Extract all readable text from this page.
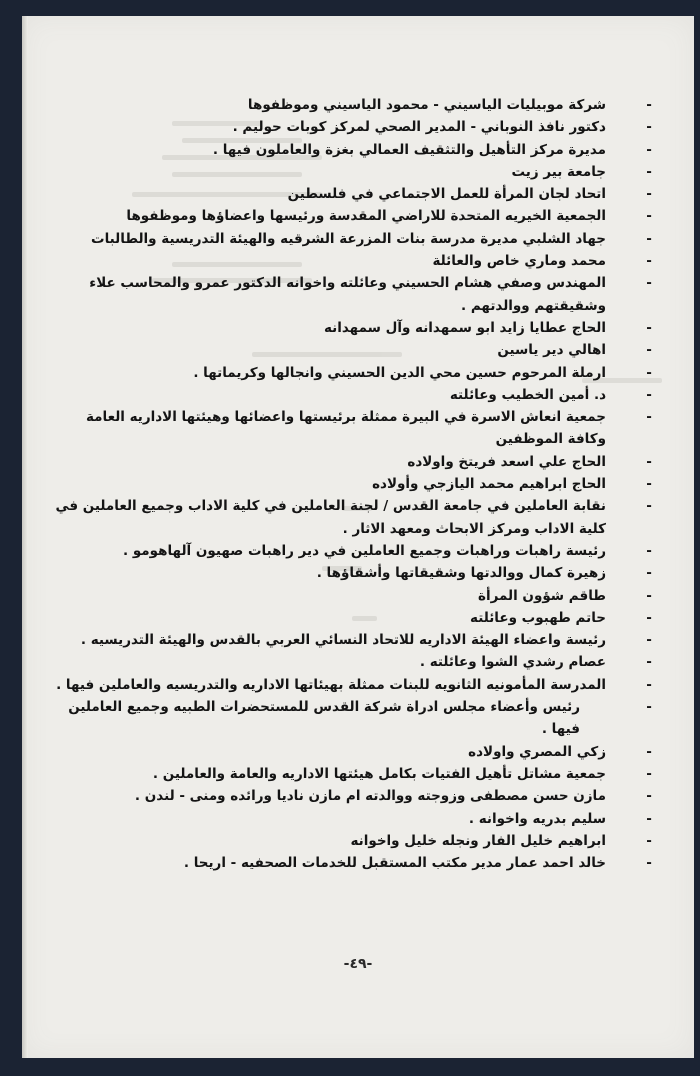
-
شركة موبيليات الياسيني - محمود الياسيني وموظفوها
-
دكتور نافذ النوباني - المدير الصحي لمركز كوبات حوليم .
-
مديرة مركز التأهيل والتثقيف العمالي بغزة والعاملون فيها .
-
جامعة بير زيت
-
اتحاد لجان المرأة للعمل الاجتماعي في فلسطين
-
الجمعية الخيريه المتحدة للاراضي المقدسة ورئيسها واعضاؤها وموظفوها
-
جهاد الشلبي مديرة مدرسة بنات المزرعة الشرقيه والهيئة التدريسية والطالبات
-
محمد وماري خاص والعائلة
-
المهندس وصفي هشام الحسيني وعائلته واخوانه الدكتور عمرو والمحاسب علاء وشقيقتهم ووالدتهم .
-
الحاج عطايا زايد ابو سمهدانه وآل سمهدانه
-
اهالي دير ياسين
-
ارملة المرحوم حسين محي الدين الحسيني وانجالها وكريماتها .
-
د. أمين الخطيب وعائلته
-
جمعية انعاش الاسرة في البيرة ممثلة برئيستها واعضائها وهيئتها الاداريه العامة وكافة الموظفين
-
الحاج علي اسعد فريتخ واولاده
-
الحاج ابراهيم محمد اليازجي وأولاده
-
نقابة العاملين في جامعة القدس / لجنة العاملين في كلية الاداب وجميع العاملين في كلية الاداب ومركز الابحاث ومعهد الاثار .
-
رئيسة راهبات وراهبات وجميع العاملين في دير راهبات صهيون آلهاهومو .
-
زهيرة كمال ووالدتها وشقيقاتها وأشقاؤها .
-
طاقم شؤون المرأة
-
حاتم طهبوب وعائلته
-
رئيسة واعضاء الهيئة الاداريه للاتحاد النسائي العربي بالقدس والهيئة التدريسيه .
-
عصام رشدي الشوا وعائلته .
-
المدرسة المأمونيه الثانويه للبنات ممثلة بهيئاتها الاداريه والتدريسيه والعاملين فيها .
-
رئيس وأعضاء مجلس ادراة شركة القدس للمستحضرات الطبيه وجميع العاملين فيها .
-
زكي المصري واولاده
-
جمعية مشاتل تأهيل الفتيات بكامل هيئتها الاداريه والعامة والعاملين .
-
مازن حسن مصطفى وزوجته ووالدته ام مازن ناديا ورائده ومنى - لندن .
-
سليم بدريه واخوانه .
-
ابراهيم خليل الفار ونجله خليل واخوانه
-
خالد احمد عمار مدير مكتب المستقبل للخدمات الصحفيه - اريحا .
-٤٩-
